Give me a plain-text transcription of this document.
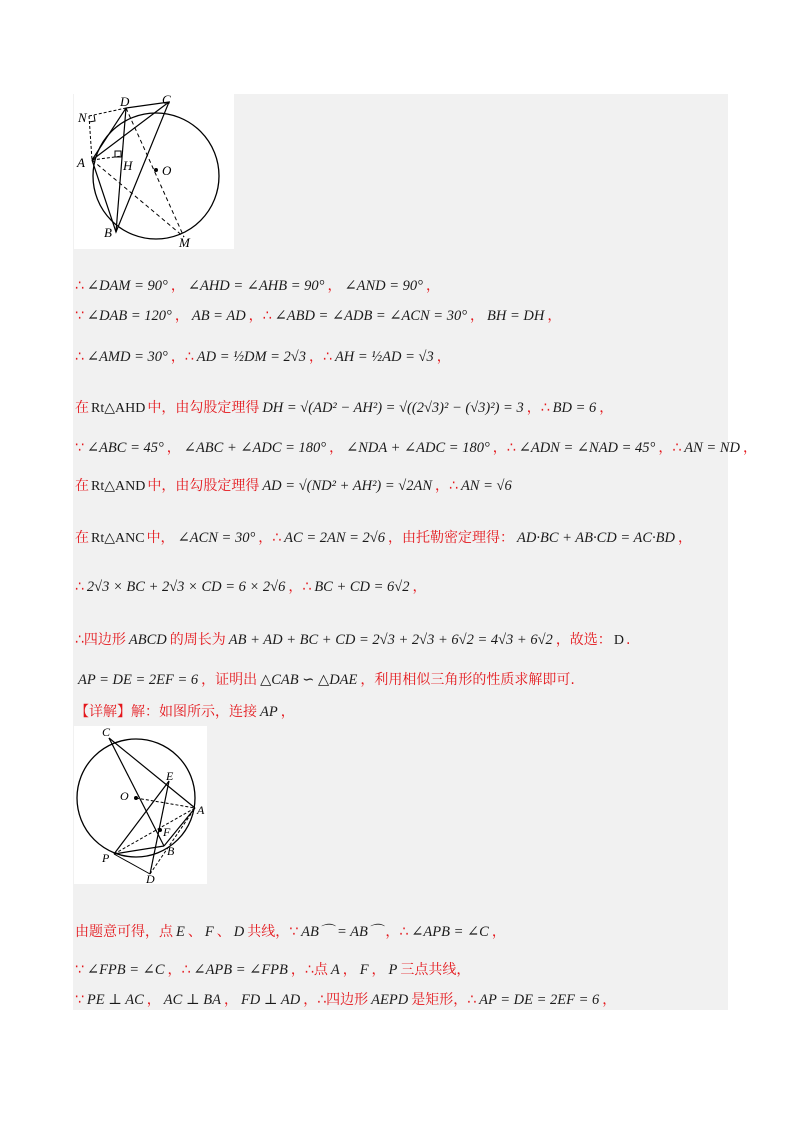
N
D	C
A	H O
B
M
∴ ∠DAM = 90° ， ∠AHD = ∠AHB = 90° ， ∠AND = 90° ，
∵ ∠DAB = 120° ， AB = AD ，∴ ∠ABD = ∠ADB = ∠ACN = 30° ， BH = DH ，
∴ ∠AMD = 30° ，∴ AD = ½DM = 2√3 ，∴ AH = ½AD = √3 ，
在 Rt△AHD 中，由勾股定理得 DH = √(AD² − AH²) = √((2√3)² − (√3)²) = 3 ，∴ BD = 6 ，
∵ ∠ABC = 45° ， ∠ABC + ∠ADC = 180° ， ∠NDA + ∠ADC = 180° ，∴ ∠ADN = ∠NAD = 45° ，∴ AN = ND ，
在 Rt△AND 中，由勾股定理得 AD = √(ND² + AH²) = √2AN ，∴ AN = √6
在 Rt△ANC 中， ∠ACN = 30° ，∴ AC = 2AN = 2√6 ，由托勒密定理得： AD·BC + AB·CD = AC·BD ，
∴ 2√3 × BC + 2√3 × CD = 6 × 2√6 ，∴ BC + CD = 6√2 ，
∴四边形 ABCD 的周长为 AB + AD + BC + CD = 2√3 + 2√3 + 6√2 = 4√3 + 6√2 ，故选： D .
AP = DE = 2EF = 6 ，证明出 △CAB ∽ △DAE ，利用相似三角形的性质求解即可.
【详解】解：如图所示，连接 AP ，
C
E
O
A
F
P	B
D
由题意可得，点 E 、 F 、 D 共线，∵ AB⌒ = AB⌒ ，∴ ∠APB = ∠C ，
∵ ∠FPB = ∠C ，∴ ∠APB = ∠FPB ，∴点 A ， F ， P 三点共线，
∵ PE ⊥ AC ， AC ⊥ BA ， FD ⊥ AD ，∴四边形 AEPD 是矩形，∴ AP = DE = 2EF = 6 ，
